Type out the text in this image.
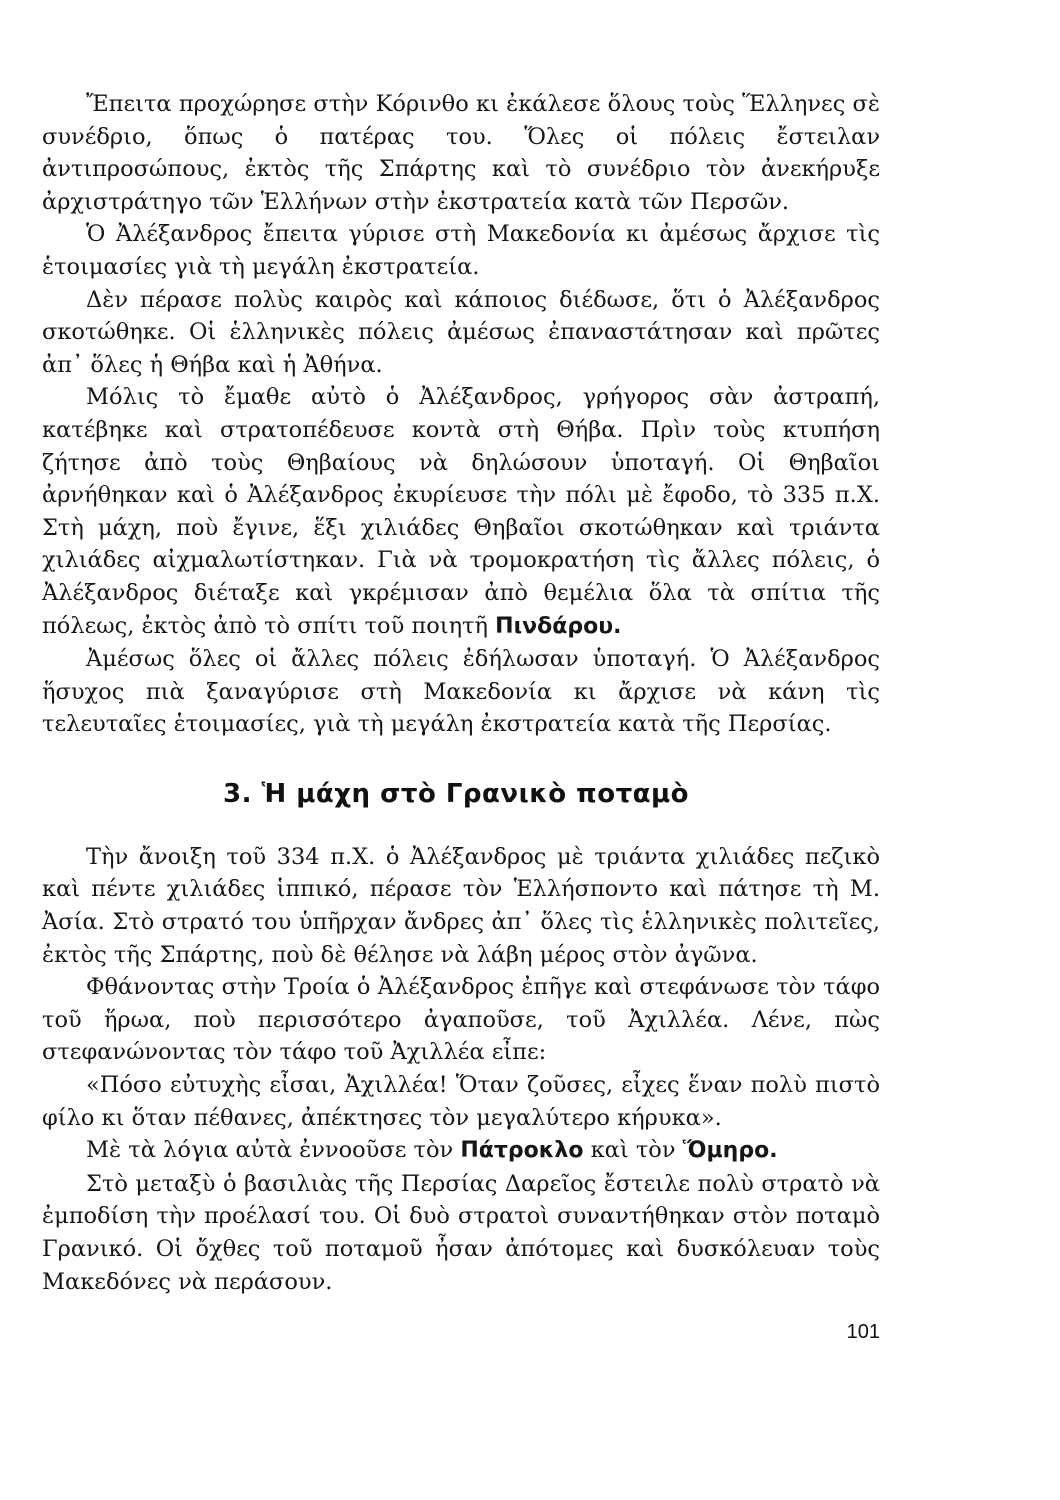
Ἔπειτα προχώρησε στὴν Κόρινθο κι ἐκάλεσε ὅλους τοὺς Ἕλληνες σὲ συνέδριο, ὅπως ὁ πατέρας του. Ὅλες οἱ πόλεις ἔστειλαν ἀντιπροσώπους, ἐκτὸς τῆς Σπάρτης καὶ τὸ συνέδριο τὸν ἀνεκήρυξε ἀρχιστράτηγο τῶν Ἑλλήνων στὴν ἐκστρατεία κατὰ τῶν Περσῶν.

Ὁ Ἀλέξανδρος ἔπειτα γύρισε στὴ Μακεδονία κι ἀμέσως ἄρχισε τὶς ἑτοιμασίες γιὰ τὴ μεγάλη ἐκστρατεία.

Δὲν πέρασε πολὺς καιρὸς καὶ κάποιος διέδωσε, ὅτι ὁ Ἀλέξανδρος σκοτώθηκε. Οἱ ἑλληνικὲς πόλεις ἀμέσως ἐπαναστάτησαν καὶ πρῶτες ἀπ᾿ ὅλες ἡ Θήβα καὶ ἡ Ἀθήνα.

Μόλις τὸ ἔμαθε αὐτὸ ὁ Ἀλέξανδρος, γρήγορος σὰν ἀστραπή, κατέβηκε καὶ στρατοπέδευσε κοντὰ στὴ Θήβα. Πρὶν τοὺς κτυπήση ζήτησε ἀπὸ τοὺς Θηβαίους νὰ δηλώσουν ὑποταγή. Οἱ Θηβαῖοι ἀρνήθηκαν καὶ ὁ Ἀλέξανδρος ἐκυρίευσε τὴν πόλι μὲ ἔφοδο, τὸ 335 π.Χ. Στὴ μάχη, ποὺ ἔγινε, ἕξι χιλιάδες Θηβαῖοι σκοτώθηκαν καὶ τριάντα χιλιάδες αἰχμαλωτίστηκαν. Γιὰ νὰ τρομοκρατήση τὶς ἄλλες πόλεις, ὁ Ἀλέξανδρος διέταξε καὶ γκρέμισαν ἀπὸ θεμέλια ὅλα τὰ σπίτια τῆς πόλεως, ἐκτὸς ἀπὸ τὸ σπίτι τοῦ ποιητῆ Πινδάρου.

Ἀμέσως ὅλες οἱ ἄλλες πόλεις ἐδήλωσαν ὑποταγή. Ὁ Ἀλέξανδρος ἥσυχος πιὰ ξαναγύρισε στὴ Μακεδονία κι ἄρχισε νὰ κάνη τὶς τελευταῖες ἑτοιμασίες, γιὰ τὴ μεγάλη ἐκστρατεία κατὰ τῆς Περσίας.

3. Ἡ μάχη στὸ Γρανικὸ ποταμὸ

Τὴν ἄνοιξη τοῦ 334 π.Χ. ὁ Ἀλέξανδρος μὲ τριάντα χιλιάδες πεζικὸ καὶ πέντε χιλιάδες ἱππικό, πέρασε τὸν Ἑλλήσποντο καὶ πάτησε τὴ Μ. Ἀσία. Στὸ στρατό του ὑπῆρχαν ἄνδρες ἀπ᾿ ὅλες τὶς ἑλληνικὲς πολιτεῖες, ἐκτὸς τῆς Σπάρτης, ποὺ δὲ θέλησε νὰ λάβη μέρος στὸν ἀγῶνα.

Φθάνοντας στὴν Τροία ὁ Ἀλέξανδρος ἐπῆγε καὶ στεφάνωσε τὸν τάφο τοῦ ἥρωα, ποὺ περισσότερο ἀγαποῦσε, τοῦ Ἀχιλλέα. Λένε, πὼς στεφανώνοντας τὸν τάφο τοῦ Ἀχιλλέα εἶπε:

«Πόσο εὐτυχὴς εἶσαι, Ἀχιλλέα! Ὅταν ζοῦσες, εἶχες ἕναν πολὺ πιστὸ φίλο κι ὅταν πέθανες, ἀπέκτησες τὸν μεγαλύτερο κήρυκα».

Μὲ τὰ λόγια αὐτὰ ἐννοοῦσε τὸν Πάτροκλο καὶ τὸν Ὅμηρο.

Στὸ μεταξὺ ὁ βασιλιὰς τῆς Περσίας Δαρεῖος ἔστειλε πολὺ στρατὸ νὰ ἐμποδίση τὴν προέλασί του. Οἱ δυὸ στρατοὶ συναντήθηκαν στὸν ποταμὸ Γρανικό. Οἱ ὄχθες τοῦ ποταμοῦ ἦσαν ἀπότομες καὶ δυσκόλευαν τοὺς Μακεδόνες νὰ περάσουν.

101
